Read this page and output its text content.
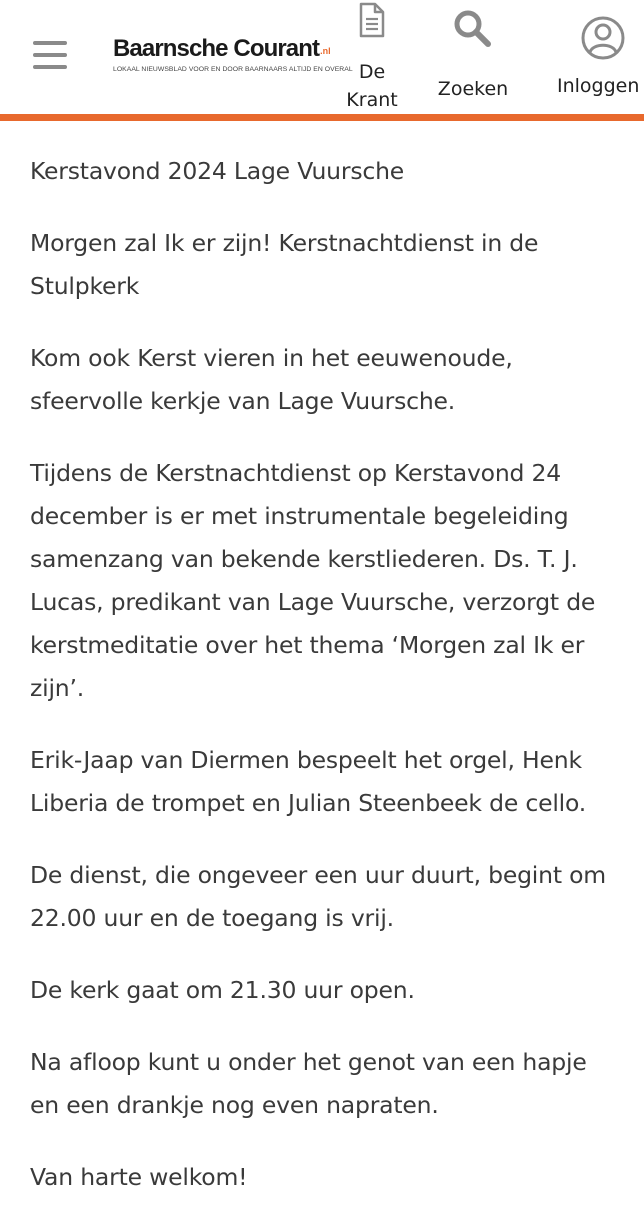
Baarnsche Courant.nl
LOKAAL NIEUWSBLAD VOOR EN DOOR BAARNAARS ALTIJD EN OVERAL De Krant	Zoeken	Inloggen

Kerstavond 2024 Lage Vuursche

Morgen zal Ik er zijn! Kerstnachtdienst in de Stulpkerk

Kom ook Kerst vieren in het eeuwenoude, sfeervolle kerkje van Lage Vuursche.

Tijdens de Kerstnachtdienst op Kerstavond 24 december is er met instrumentale begeleiding samenzang van bekende kerstliederen. Ds. T. J. Lucas, predikant van Lage Vuursche, verzorgt de kerstmeditatie over het thema ‘Morgen zal Ik er zijn’.

Erik-Jaap van Diermen bespeelt het orgel, Henk Liberia de trompet en Julian Steenbeek de cello.

De dienst, die ongeveer een uur duurt, begint om 22.00 uur en de toegang is vrij.

De kerk gaat om 21.30 uur open.

Na afloop kunt u onder het genot van een hapje en een drankje nog even napraten.

Van harte welkom!
